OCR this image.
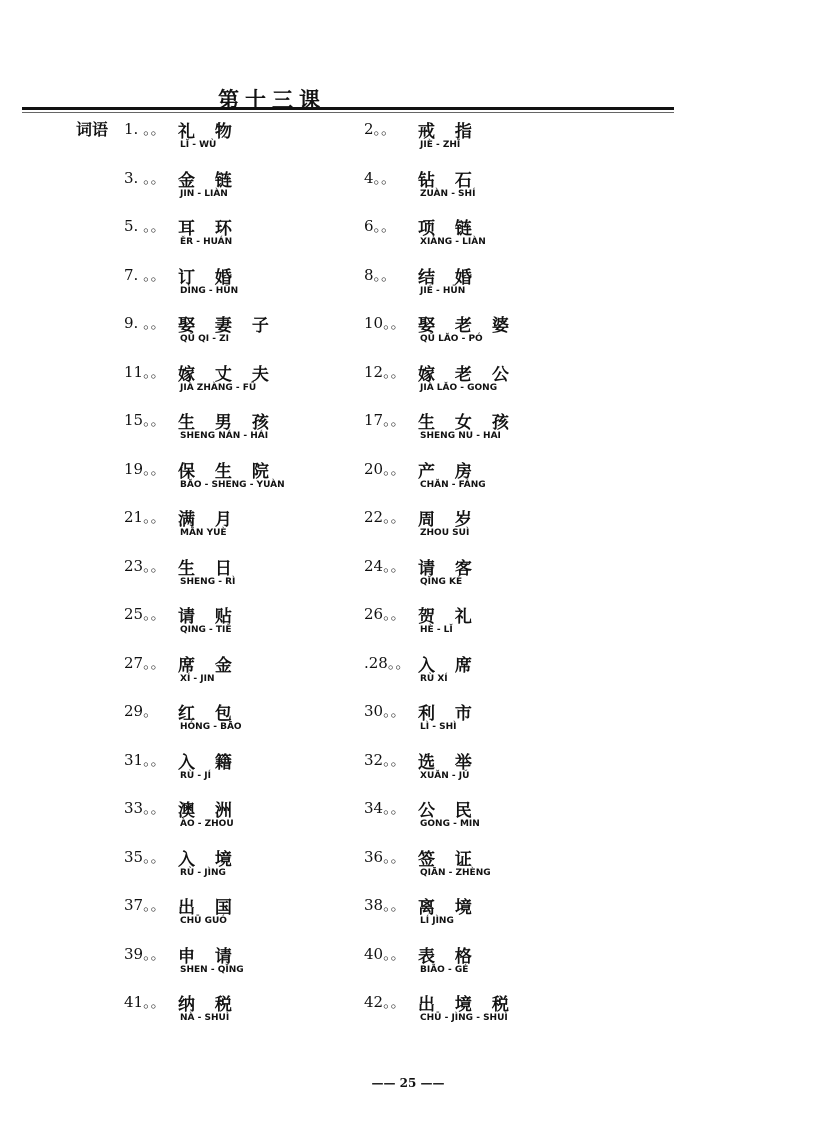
第十三课
词语 1. 。。 礼 物
LĬ - WÙ
2。。 戒 指
JIÈ - ZHĬ
3. 。。 金 链
JIN - LIÀN
4。。 钻 石
ZUÀN - SHÍ
5. 。。 耳 环
ĚR - HUÁN
6。。 项 链
XIÀNG - LIÀN
7. 。。 订 婚
DÌNG - HŪN
8。。 结 婚
JIÉ - HŪN
9. 。。 娶 妻 子
QŬ QI - ZI
10。。 娶 老 婆
QŬ LĂO - PÓ
11。。 嫁 丈 夫
JIÀ ZHÀNG - FŪ
12。。 嫁 老 公
JIÀ LĂO - GONG
15。。 生 男 孩
SHENG NÁN - HÁI
17。。 生 女 孩
SHENG NU - HAI
19。。 保 生 院
BĂO - SHENG - YUÀN
20。。 产 房
CHĂN - FÁNG
21。。 满 月
MĂN YUÈ
22。。 周 岁
ZHOU SUÌ
23。。 生 日
SHENG - RÌ
24。。 请 客
QĬNG KÈ
25。。 请 贴
QING - TIĚ
26。。 贺 礼
HÈ - LĬ
27。。 席 金
XÍ - JIN
.28。。 入 席
RÙ XÍ
29。 红 包
HÓNG - BĀO
30。。 利 市
LÌ - SHÌ
31。。 入 籍
RÙ - JÍ
32。。 选 举
XUĂN - JŬ
33。。 澳 洲
ÀO - ZHOU
34。。 公 民
GONG - MIN
35。。 入 境
RÙ - JÌNG
36。。 签 证
QIĀN - ZHÈNG
37。。 出 国
CHŪ GUÓ
38。。 离 境
LÍ JÌNG
39。。 申 请
SHEN - QĬNG
40。。 表 格
BIĂO - GÉ
41。。 纳 税
NÀ - SHUÌ
42。。 出 境 税
CHŪ - JÌNG - SHUÌ
—— 25 ——
